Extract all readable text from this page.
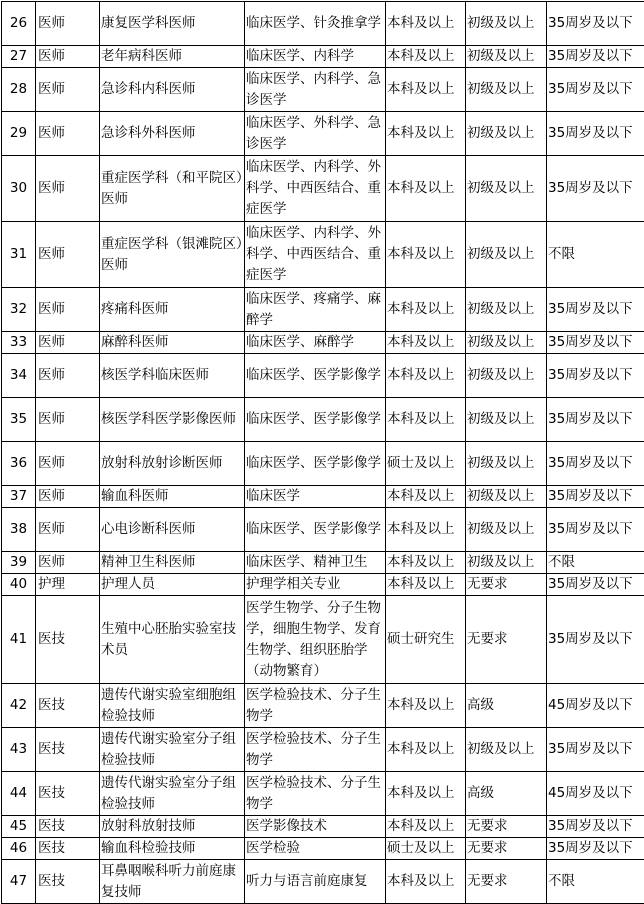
26	医师	康复医学科医师	临床医学、针灸推拿学	本科及以上	初级及以上	35周岁及以下
27	医师	老年病科医师	临床医学、内科学	本科及以上	初级及以上	35周岁及以下
28	医师	急诊科内科医师	临床医学、内科学、急诊医学	本科及以上	初级及以上	35周岁及以下
29	医师	急诊科外科医师	临床医学、外科学、急诊医学	本科及以上	初级及以上	35周岁及以下
30	医师	重症医学科（和平院区）医师	临床医学、内科学、外科学、中西医结合、重症医学	本科及以上	初级及以上	35周岁及以下
31	医师	重症医学科（银滩院区）医师	临床医学、内科学、外科学、中西医结合、重症医学	本科及以上	初级及以上	不限
32	医师	疼痛科医师	临床医学、疼痛学、麻醉学	本科及以上	初级及以上	35周岁及以下
33	医师	麻醉科医师	临床医学、麻醉学	本科及以上	初级及以上	35周岁及以下
34	医师	核医学科临床医师	临床医学、医学影像学	本科及以上	初级及以上	35周岁及以下
35	医师	核医学科医学影像医师	临床医学、医学影像学	本科及以上	初级及以上	35周岁及以下
36	医师	放射科放射诊断医师	临床医学、医学影像学	硕士及以上	初级及以上	35周岁及以下
37	医师	输血科医师	临床医学	本科及以上	初级及以上	35周岁及以下
38	医师	心电诊断科医师	临床医学、医学影像学	本科及以上	初级及以上	35周岁及以下
39	医师	精神卫生科医师	临床医学、精神卫生	本科及以上	初级及以上	不限
40	护理	护理人员	护理学相关专业	本科及以上	无要求	35周岁及以下
41	医技	生殖中心胚胎实验室技术员	医学生物学、分子生物学，细胞生物学、发育生物学、组织胚胎学（动物繁育）	硕士研究生	无要求	35周岁及以下
42	医技	遗传代谢实验室细胞组检验技师	医学检验技术、分子生物学	本科及以上	高级	45周岁及以下
43	医技	遗传代谢实验室分子组检验技师	医学检验技术、分子生物学	本科及以上	初级及以上	35周岁及以下
44	医技	遗传代谢实验室分子组检验技师	医学检验技术、分子生物学	本科及以上	高级	45周岁及以下
45	医技	放射科放射技师	医学影像技术	本科及以上	无要求	35周岁及以下
46	医技	输血科检验技师	医学检验	硕士及以上	无要求	35周岁及以下
47	医技	耳鼻咽喉科听力前庭康复技师	听力与语言前庭康复	本科及以上	无要求	不限
